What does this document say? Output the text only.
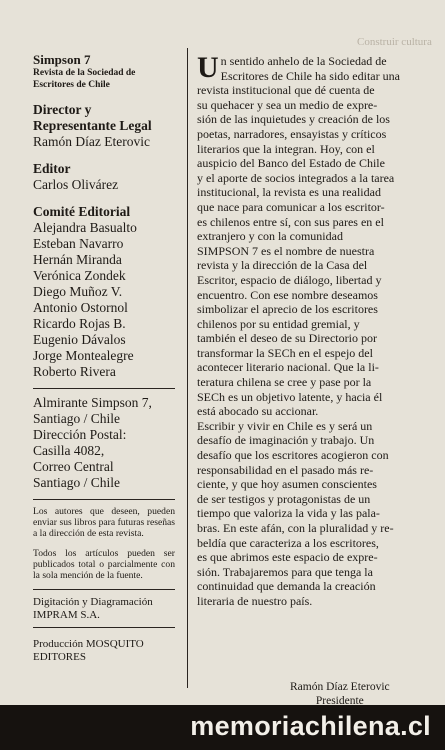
Construir cultura
Simpson 7
Revista de la Sociedad de
Escritores de Chile
Director y
Representante Legal
Ramón Díaz Eterovic
Editor
Carlos Olivárez
Comité Editorial
Alejandra Basualto
Esteban Navarro
Hernán Miranda
Verónica Zondek
Diego Muñoz V.
Antonio Ostornol
Ricardo Rojas B.
Eugenio Dávalos
Jorge Montealegre
Roberto Rivera
Almirante Simpson 7,
Santiago / Chile
Dirección Postal:
Casilla 4082,
Correo Central
Santiago / Chile
Los autores que deseen, pueden enviar sus libros para futuras reseñas a la dirección de esta revista.
Todos los artículos pueden ser publicados total o parcialmente con la sola mención de la fuente.
Digitación y Diagramación
IMPRAM S.A.
Producción MOSQUITO
EDITORES
U n sentido anhelo de la Sociedad de
Escritores de Chile ha sido editar una
revista institucional que dé cuenta de
su quehacer y sea un medio de expre-
sión de las inquietudes y creación de los
poetas, narradores, ensayistas y críticos
literarios que la integran. Hoy, con el
auspicio del Banco del Estado de Chile
y el aporte de socios integrados a la tarea
institucional, la revista es una realidad
que nace para comunicar a los escritor-
es chilenos entre sí, con sus pares en el
extranjero y con la comunidad
SIMPSON 7 es el nombre de nuestra
revista y la dirección de la Casa del
Escritor, espacio de diálogo, libertad y
encuentro. Con ese nombre deseamos
simbolizar el aprecio de los escritores
chilenos por su entidad gremial, y
también el deseo de su Directorio por
transformar la SECh en el espejo del
acontecer literario nacional. Que la li-
teratura chilena se cree y pase por la
SECh es un objetivo latente, y hacia él
está abocado su accionar.
Escribir y vivir en Chile es y será un
desafío de imaginación y trabajo. Un
desafío que los escritores acogieron con
responsabilidad en el pasado más re-
ciente, y que hoy asumen conscientes
de ser testigos y protagonistas de un
tiempo que valoriza la vida y las pala-
bras. En este afán, con la pluralidad y re-
beldía que caracteriza a los escritores,
es que abrimos este espacio de expre-
sión. Trabajaremos para que tenga la
continuidad que demanda la creación
literaria de nuestro país.
Ramón Díaz Eterovic
Presidente
memoriachilena.cl
